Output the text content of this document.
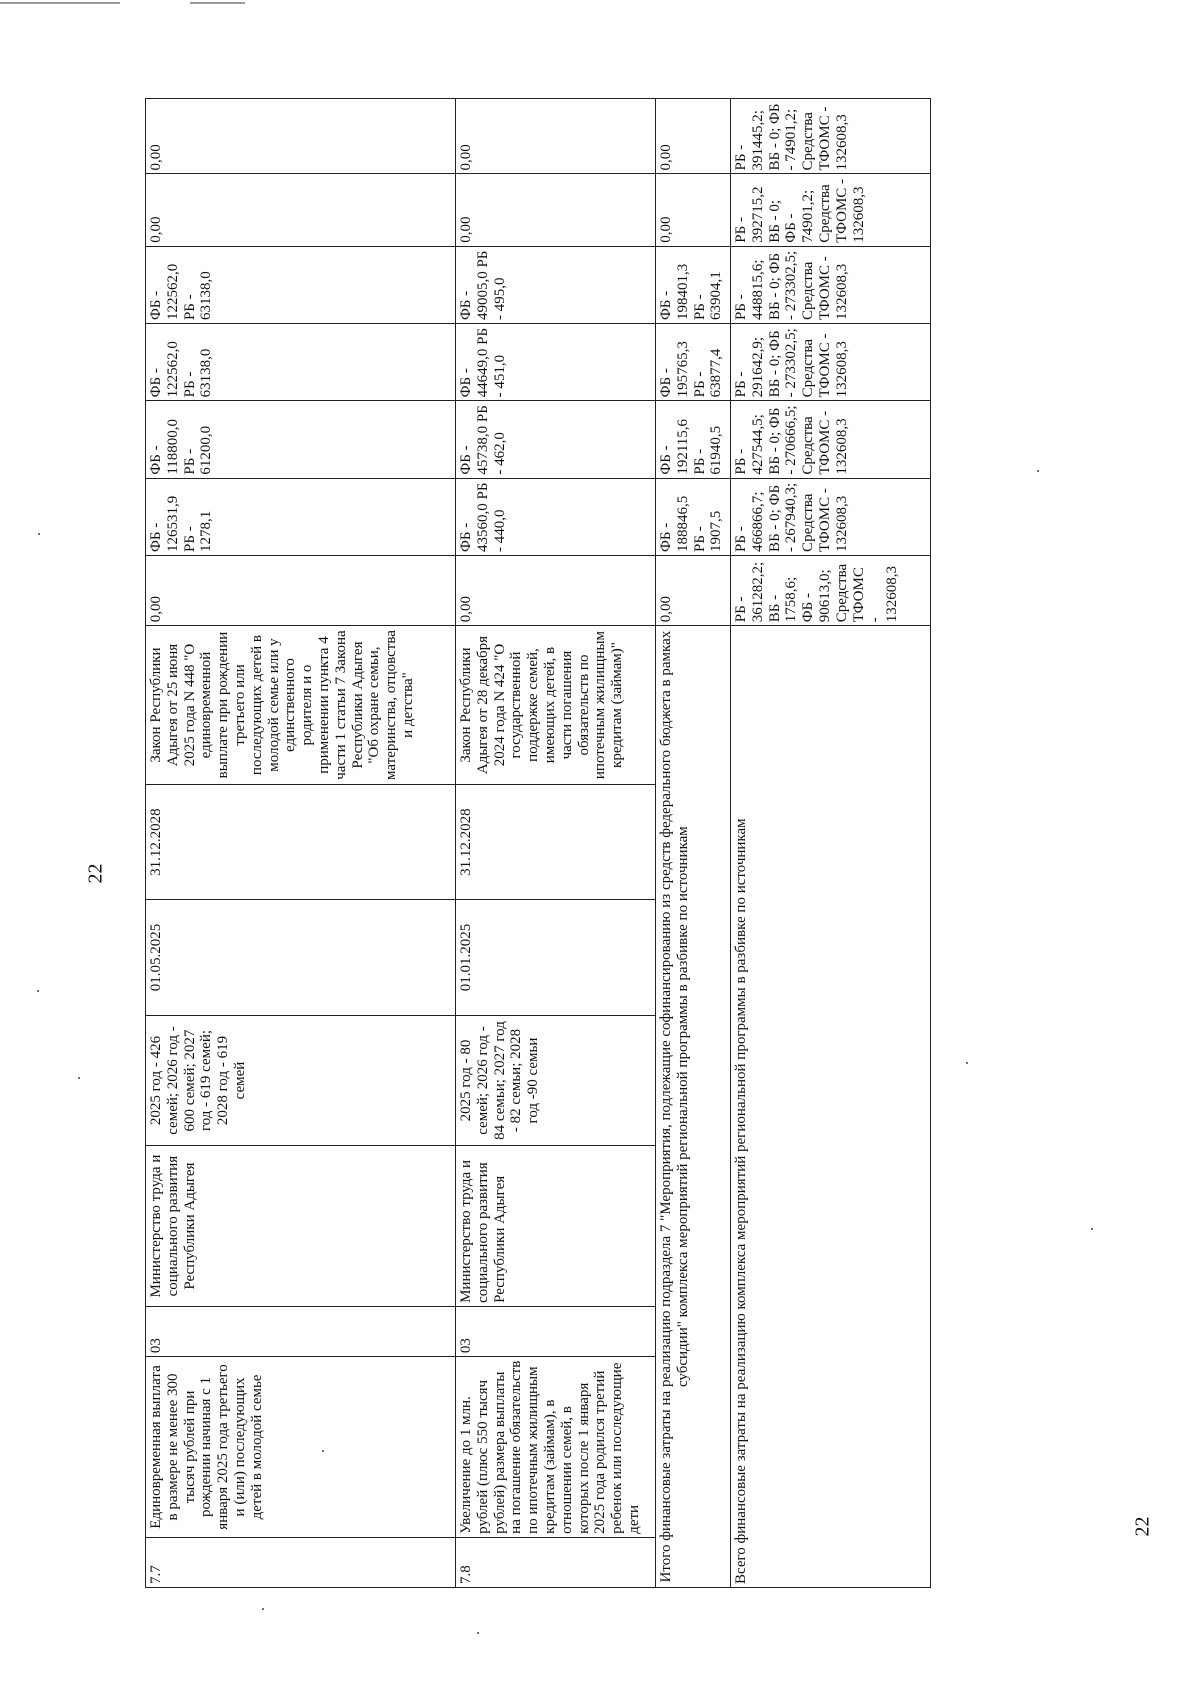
22
22
7.7	Единовременная выплата в размере не менее 300 тысяч рублей при рождении начиная с 1 января 2025 года третьего и (или) последующих детей в молодой семье	03	Министерство труда и социального развития Республики Адыгея	2025 год - 426 семей; 2026 год - 600 семей; 2027 год - 619 семей; 2028 год - 619 семей	01.05.2025	31.12.2028	Закон Республики Адыгея от 25 июня 2025 года N 448 "О единовременной выплате при рождении третьего или последующих детей в молодой семье или у единственного родителя и о применении пункта 4 части 1 статьи 7 Закона Республики Адыгея "Об охране семьи, материнства, отцовства и детства"	0,00	ФБ - 126531,9 РБ - 1278,1	ФБ - 118800,0 РБ - 61200,0	ФБ - 122562,0 РБ - 63138,0	ФБ - 122562,0 РБ - 63138,0	0,00	0,00
7.8	Увеличение до 1 млн. рублей (плюс 550 тысяч рублей) размера выплаты на погашение обязательств по ипотечным жилищным кредитам (займам), в отношении семей, в которых после 1 января 2025 года родился третий ребенок или последующие дети	03	Министерство труда и социального развития Республики Адыгея	2025 год - 80 семей; 2026 год - 84 семьи; 2027 год - 82 семьи; 2028 год -90 семьи	01.01.2025	31.12.2028	Закон Республики Адыгея от 28 декабря 2024 года N 424 "О государственной поддержке семей, имеющих детей, в части погашения обязательств по ипотечным жилищным кредитам (займам)"	0,00	ФБ - 43560,0 РБ - 440,0	ФБ - 45738,0 РБ - 462,0	ФБ - 44649,0 РБ - 451,0	ФБ - 49005,0 РБ - 495,0	0,00	0,00
Итого финансовые затраты на реализацию подраздела 7 "Мероприятия, подлежащие софинансированию из средств федерального бюджета в рамках субсидии" комплекса мероприятий региональной программы в разбивке по источникам								0,00	ФБ - 188846,5 РБ - 1907,5	ФБ - 192115,6 РБ - 61940,5	ФБ - 195765,3 РБ - 63877,4	ФБ - 198401,3 РБ - 63904,1	0,00	0,00
Всего финансовые затраты на реализацию комплекса мероприятий региональной программы в разбивке по источникам								РБ - 361282,2; ВБ - 1758,6; ФБ - 90613,0; Средства ТФОМС - 132608,3	РБ - 466866,7; ВБ - 0; ФБ - 267940,3; Средства ТФОМС - 132608,3	РБ - 427544,5; ВБ - 0; ФБ - 270666,5; Средства ТФОМС - 132608,3	РБ - 291642,9; ВБ - 0; ФБ - 273302,5; Средства ТФОМС - 132608,3	РБ - 448815,6; ВБ - 0; ФБ - 273302,5; Средства ТФОМС - 132608,3	РБ - 392715,2 ВБ - 0; ФБ - 74901,2; Средства ТФОМС - 132608,3	РБ - 391445,2; ВБ - 0; ФБ - 74901,2; Средства ТФОМС - 132608,3
